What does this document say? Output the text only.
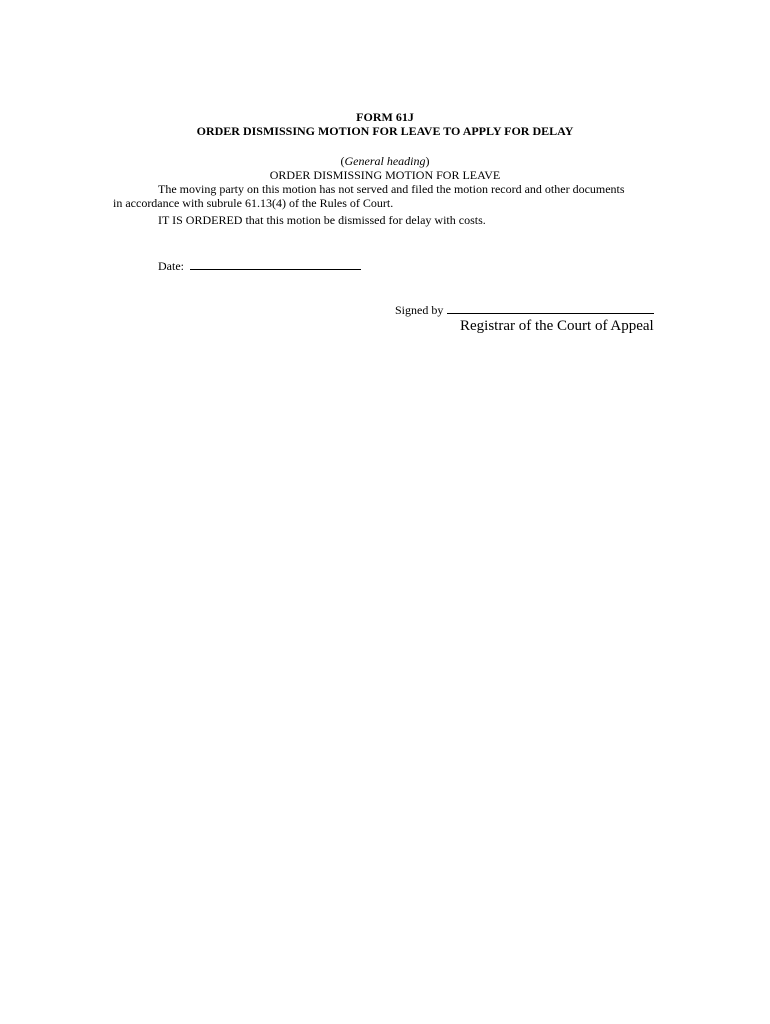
FORM 61J
ORDER DISMISSING MOTION FOR LEAVE TO APPLY FOR DELAY
(General heading)
ORDER DISMISSING MOTION FOR LEAVE
The moving party on this motion has not served and filed the motion record and other documents
in accordance with subrule 61.13(4) of the Rules of Court.
IT IS ORDERED that this motion be dismissed for delay with costs.
Date:
Signed by
Registrar of the Court of Appeal
